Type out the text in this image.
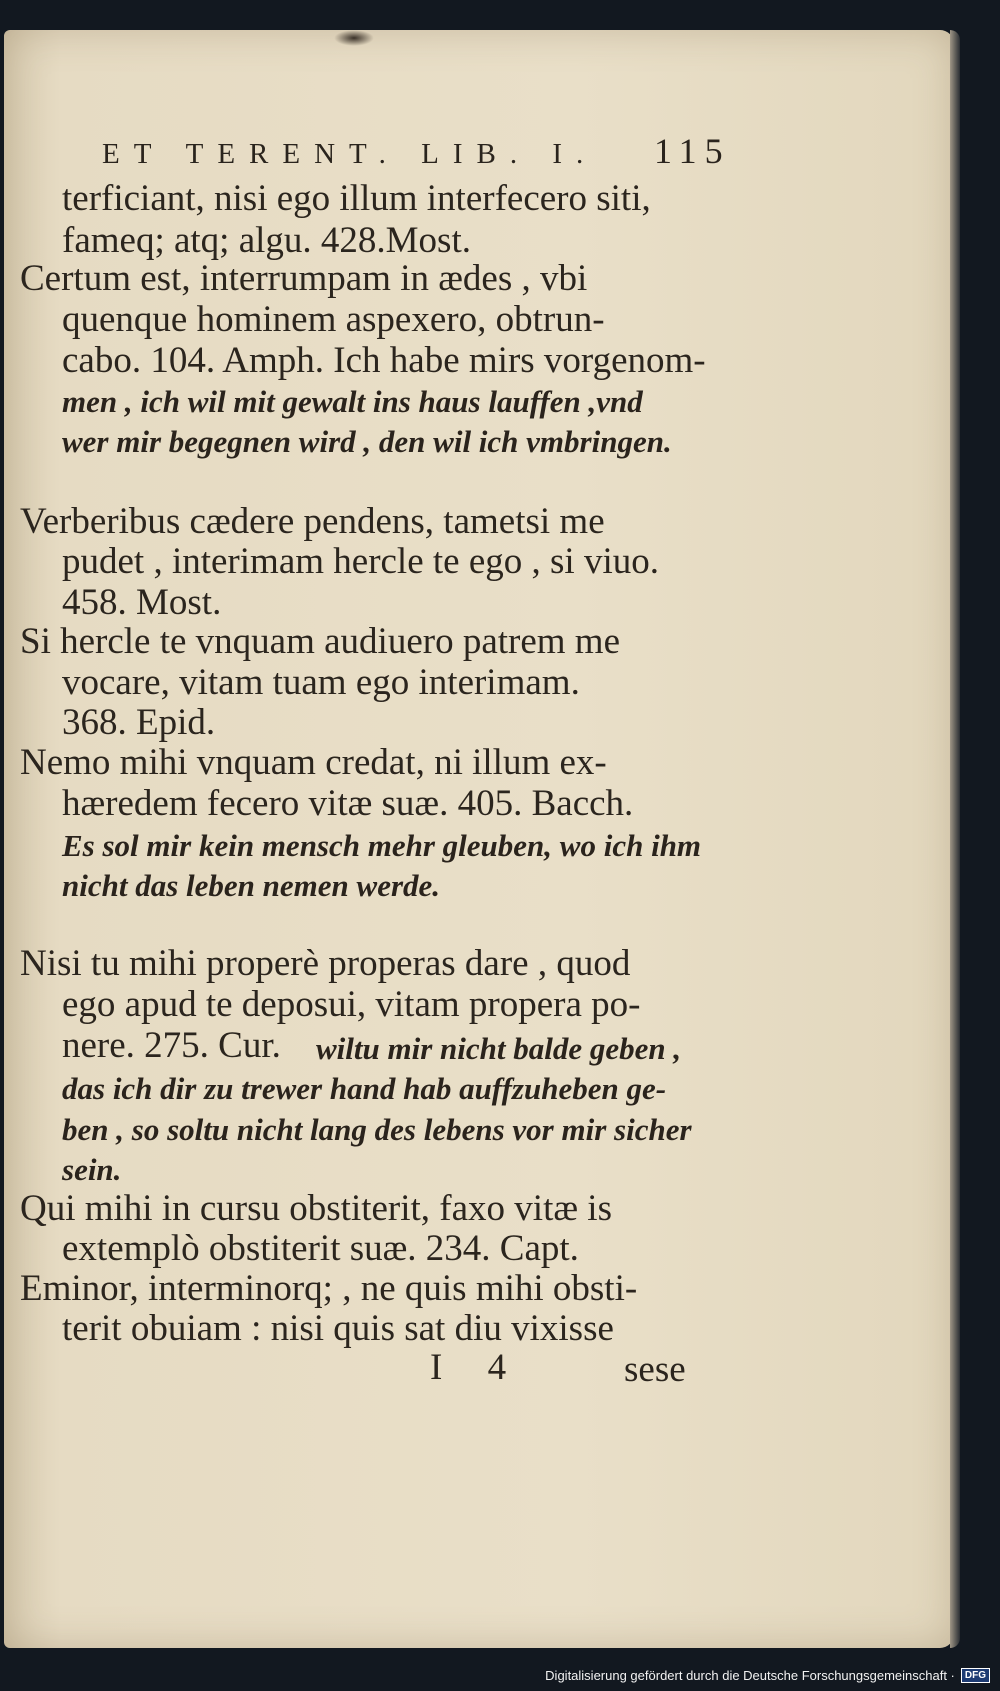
ET TERENT. LIB. I.	115
terficiant, nisi ego illum interfecero siti,
fameq; atq; algu. 428.Most.
Certum est, interrumpam in ædes , vbi
quenque hominem aspexero, obtrun-
cabo. 104. Amph. Ich habe mirs vorgenom-
men , ich wil mit gewalt ins haus lauffen ,vnd
wer mir begegnen wird , den wil ich vmbringen.
Verberibus cædere pendens, tametsi me
pudet , interimam hercle te ego , si viuo.
458. Most.
Si hercle te vnquam audiuero patrem me
vocare, vitam tuam ego interimam.
368. Epid.
Nemo mihi vnquam credat, ni illum ex-
hæredem fecero vitæ suæ. 405. Bacch.
Es sol mir kein mensch mehr gleuben, wo ich ihm
nicht das leben nemen werde.
Nisi tu mihi properè properas dare , quod
ego apud te deposui, vitam propera po-
nere. 275. Cur. wiltu mir nicht balde geben ,
das ich dir zu trewer hand hab auffzuheben ge-
ben , so soltu nicht lang des lebens vor mir sicher
sein.
Qui mihi in cursu obstiterit, faxo vitæ is
extemplò obstiterit suæ. 234. Capt.
Eminor, interminorq; , ne quis mihi obsti-
terit obuiam : nisi quis sat diu vixisse
I 4	sese
Digitalisierung gefördert durch die Deutsche Forschungsgemeinschaft ·	DFG
